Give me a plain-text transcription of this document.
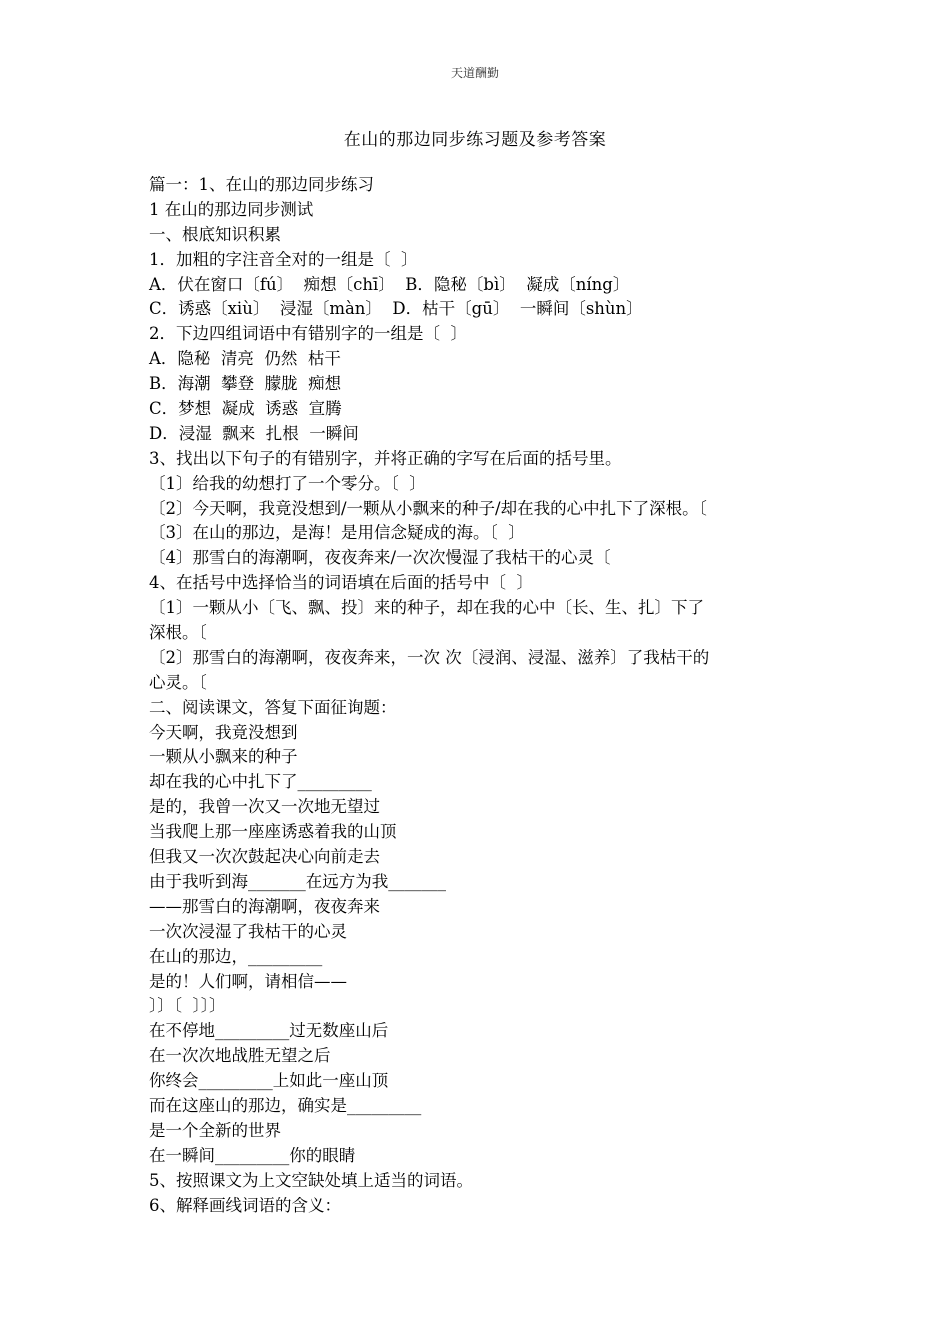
天道酬勤
在山的那边同步练习题及参考答案
篇一：1、在山的那边同步练习
1 在山的那边同步测试
一、根底知识积累
1．加粗的字注音全对的一组是〔  〕
A．伏在窗口〔fú〕  痴想〔chī〕  B．隐秘〔bì〕  凝成〔níng〕
C．诱惑〔xiù〕  浸湿〔màn〕  D．枯干〔gū〕  一瞬间〔shùn〕
2．下边四组词语中有错别字的一组是〔  〕
A．隐秘  清亮  仍然  枯干
B．海潮  攀登  朦胧  痴想
C．梦想  凝成  诱惑  宣腾
D．浸湿  飘来  扎根  一瞬间
3、找出以下句子的有错别字，并将正确的字写在后面的括号里。
〔1〕给我的幼想打了一个零分。〔  〕
〔2〕今天啊，我竟没想到/一颗从小飘来的种子/却在我的心中扎下了深根。〔
〔3〕在山的那边，是海！是用信念疑成的海。〔  〕
〔4〕那雪白的海潮啊，夜夜奔来/一次次慢湿了我枯干的心灵〔
4、在括号中选择恰当的词语填在后面的括号中〔  〕
〔1〕一颗从小〔飞、飘、投〕来的种子，却在我的心中〔长、生、扎〕下了
深根。〔
〔2〕那雪白的海潮啊，夜夜奔来，一次 次〔浸润、浸湿、滋养〕了我枯干的
心灵。〔
二、阅读课文，答复下面征询题：
今天啊，我竟没想到
一颗从小飘来的种子
却在我的心中扎下了_________
是的，我曾一次又一次地无望过
当我爬上那一座座诱惑着我的山顶
但我又一次次鼓起决心向前走去
由于我听到海_______在远方为我_______
——那雪白的海潮啊，夜夜奔来
一次次浸湿了我枯干的心灵
在山的那边，_________
是的！人们啊，请相信——
〕〕〔  〕〕〕
在不停地_________过无数座山后
在一次次地战胜无望之后
你终会_________上如此一座山顶
而在这座山的那边，确实是_________
是一个全新的世界
在一瞬间_________你的眼睛
5、按照课文为上文空缺处填上适当的词语。
6、解释画线词语的含义：
